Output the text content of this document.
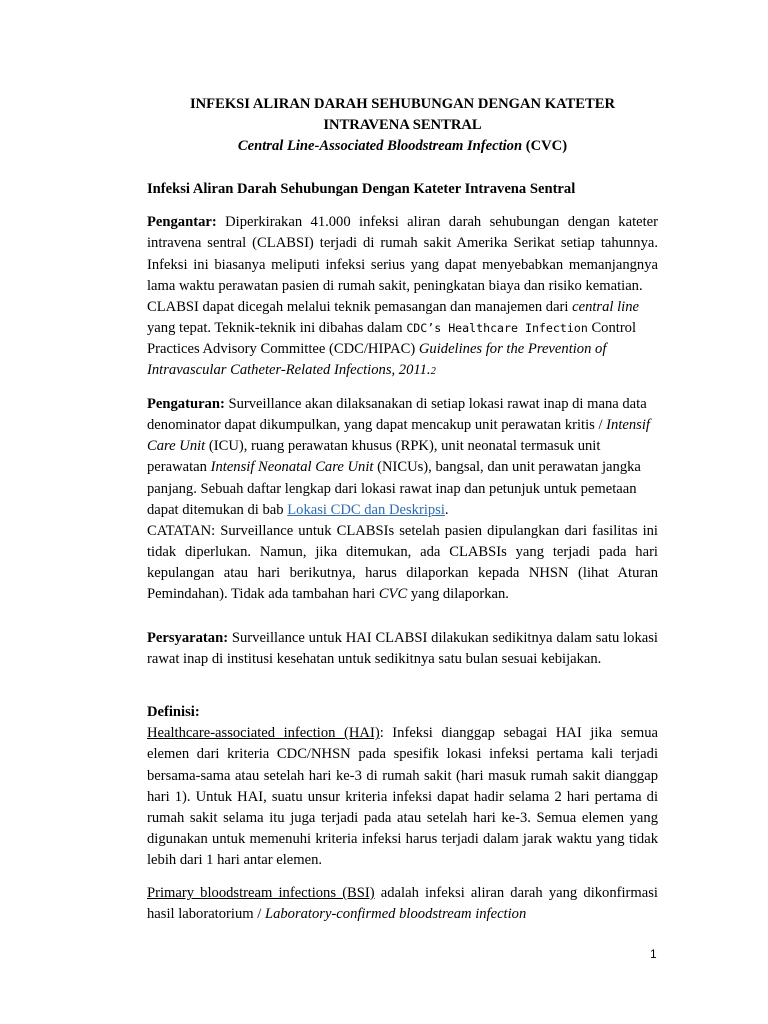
INFEKSI ALIRAN DARAH SEHUBUNGAN DENGAN KATETER
INTRAVENA SENTRAL

Central Line-Associated Bloodstream Infection (CVC)

Infeksi Aliran Darah Sehubungan Dengan Kateter Intravena Sentral

Pengantar: Diperkirakan 41.000 infeksi aliran darah sehubungan dengan kateter intravena sentral (CLABSI) terjadi di rumah sakit Amerika Serikat setiap tahunnya. Infeksi ini biasanya meliputi infeksi serius yang dapat menyebabkan memanjangnya lama waktu perawatan pasien di rumah sakit, peningkatan biaya dan risiko kematian.

CLABSI dapat dicegah melalui teknik pemasangan dan manajemen dari central line yang tepat. Teknik-teknik ini dibahas dalam CDC’s Healthcare Infection Control Practices Advisory Committee (CDC/HIPAC) Guidelines for the Prevention of Intravascular Catheter-Related Infections, 2011.2

Pengaturan: Surveillance akan dilaksanakan di setiap lokasi rawat inap di mana data denominator dapat dikumpulkan, yang dapat mencakup unit perawatan kritis / Intensif Care Unit (ICU), ruang perawatan khusus (RPK), unit neonatal termasuk unit perawatan Intensif Neonatal Care Unit (NICUs), bangsal, dan unit perawatan jangka panjang. Sebuah daftar lengkap dari lokasi rawat inap dan petunjuk untuk pemetaan dapat ditemukan di bab Lokasi CDC dan Deskripsi.

CATATAN: Surveillance untuk CLABSIs setelah pasien dipulangkan dari fasilitas ini tidak diperlukan. Namun, jika ditemukan, ada CLABSIs yang terjadi pada hari kepulangan atau hari berikutnya, harus dilaporkan kepada NHSN (lihat Aturan Pemindahan). Tidak ada tambahan hari CVC yang dilaporkan.

Persyaratan: Surveillance untuk HAI CLABSI dilakukan sedikitnya dalam satu lokasi rawat inap di institusi kesehatan untuk sedikitnya satu bulan sesuai kebijakan.

Definisi:

Healthcare-associated infection (HAI): Infeksi dianggap sebagai HAI jika semua elemen dari kriteria CDC/NHSN pada spesifik lokasi infeksi pertama kali terjadi bersama-sama atau setelah hari ke-3 di rumah sakit (hari masuk rumah sakit dianggap hari 1). Untuk HAI, suatu unsur kriteria infeksi dapat hadir selama 2 hari pertama di rumah sakit selama itu juga terjadi pada atau setelah hari ke-3. Semua elemen yang digunakan untuk memenuhi kriteria infeksi harus terjadi dalam jarak waktu yang tidak lebih dari 1 hari antar elemen.

Primary bloodstream infections (BSI) adalah infeksi aliran darah yang dikonfirmasi hasil laboratorium / Laboratory-confirmed bloodstream infection

1
